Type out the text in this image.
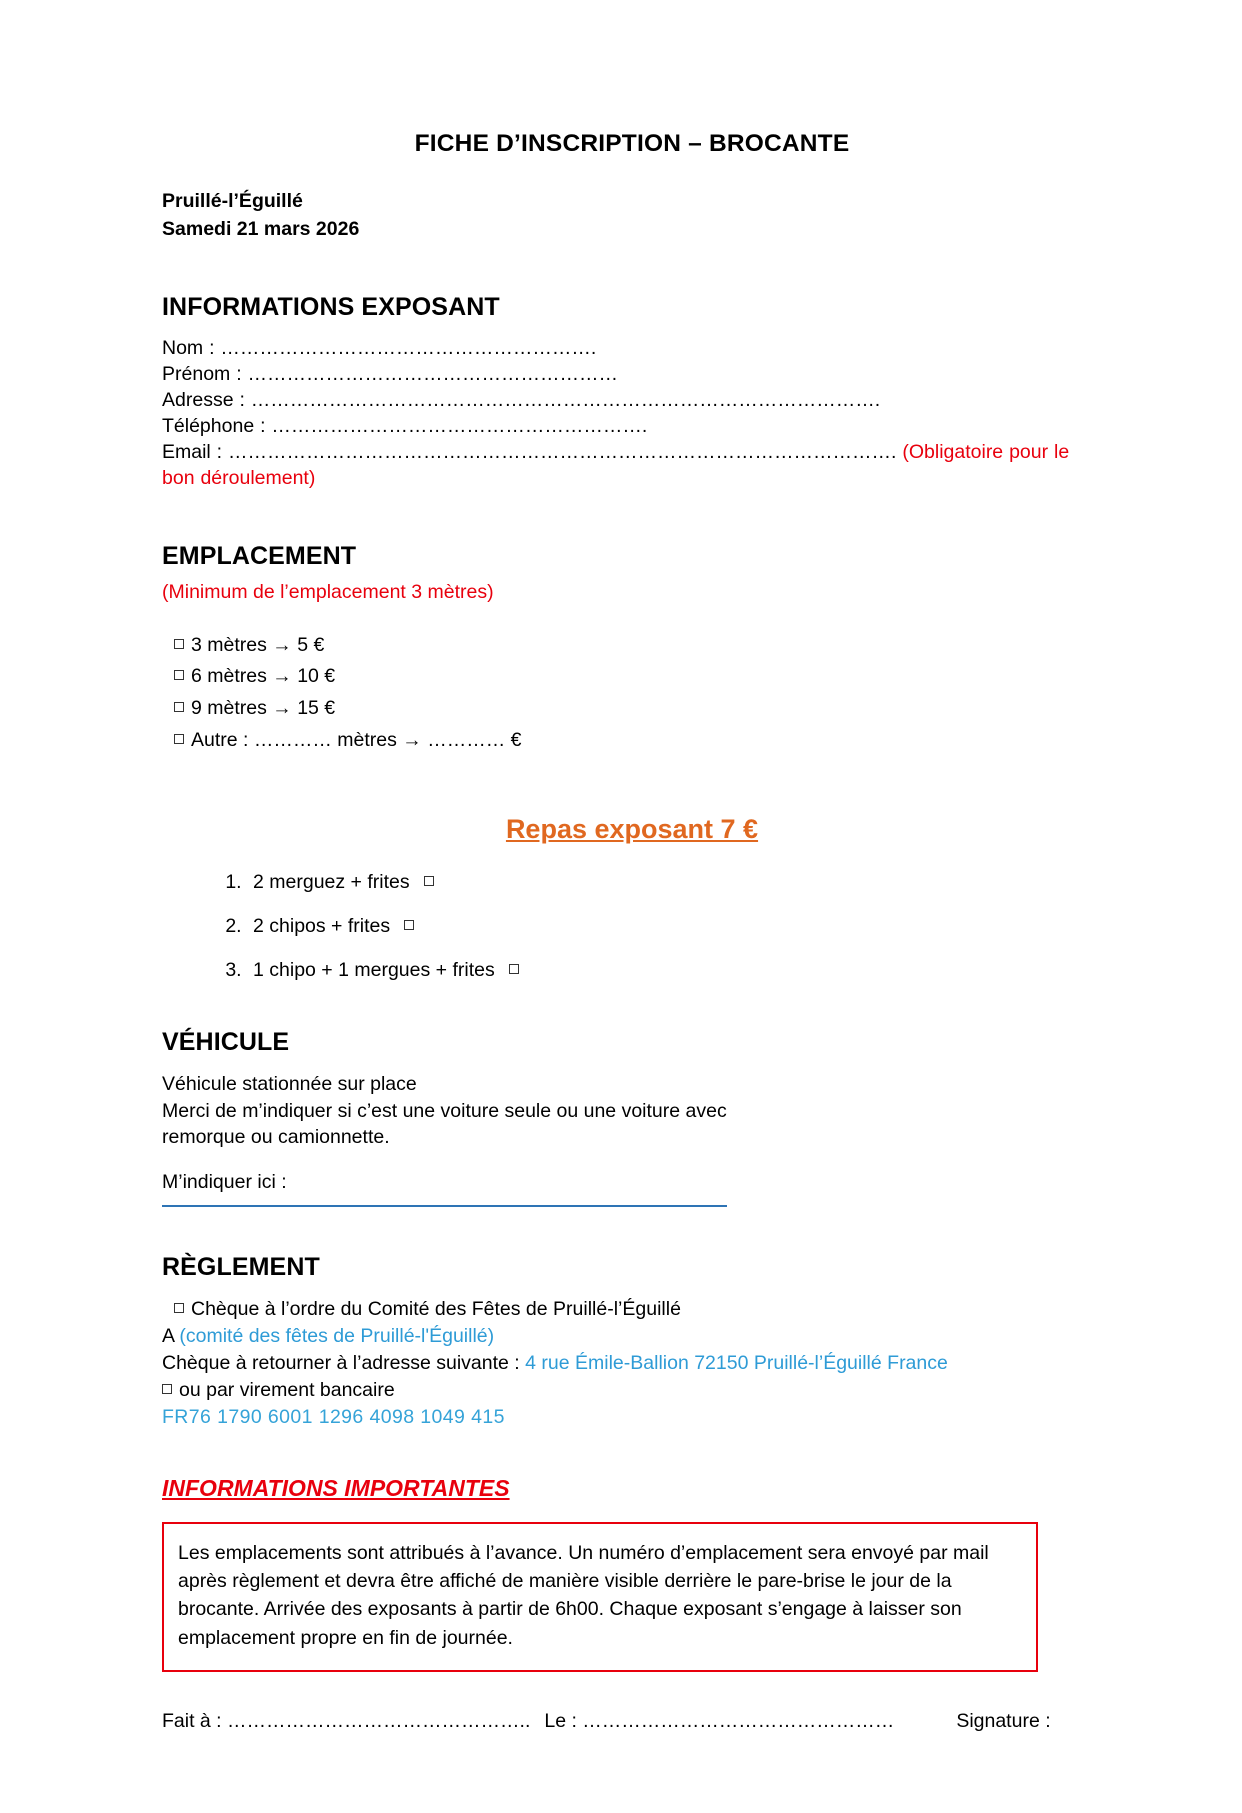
FICHE D’INSCRIPTION – BROCANTE
Pruillé-l’Éguillé
Samedi 21 mars 2026
INFORMATIONS EXPOSANT
Nom : ………………………………………………….
Prénom : …………………………………………………
Adresse : …………………………………………………………………………………….
Téléphone : ………………………………………………….
Email : …………………………………………………………………………………………. (Obligatoire pour le bon déroulement)
EMPLACEMENT
(Minimum de l’emplacement 3 mètres)
3 mètres → 5 €
6 mètres → 10 €
9 mètres → 15 €
Autre : ………… mètres → ………… €
Repas exposant 7 €
1. 2 merguez + frites
2. 2 chipos + frites
3. 1 chipo + 1 mergues + frites
VÉHICULE
Véhicule stationnée sur place
Merci de m’indiquer si c’est une voiture seule ou une voiture avec
remorque ou camionnette.
M’indiquer ici :
RÈGLEMENT
Chèque à l’ordre du Comité des Fêtes de Pruillé-l’Éguillé
A (comité des fêtes de Pruillé-l'Éguillé)
Chèque à retourner à l’adresse suivante : 4 rue Émile-Ballion 72150 Pruillé-l’Éguillé France
ou par virement bancaire
FR76 1790 6001 1296 4098 1049 415
INFORMATIONS IMPORTANTES
Les emplacements sont attribués à l’avance. Un numéro d’emplacement sera envoyé par mail après règlement et devra être affiché de manière visible derrière le pare-brise le jour de la brocante. Arrivée des exposants à partir de 6h00. Chaque exposant s’engage à laisser son emplacement propre en fin de journée.
Fait à : ……………………………………….. Le : …………………………………………	Signature :
